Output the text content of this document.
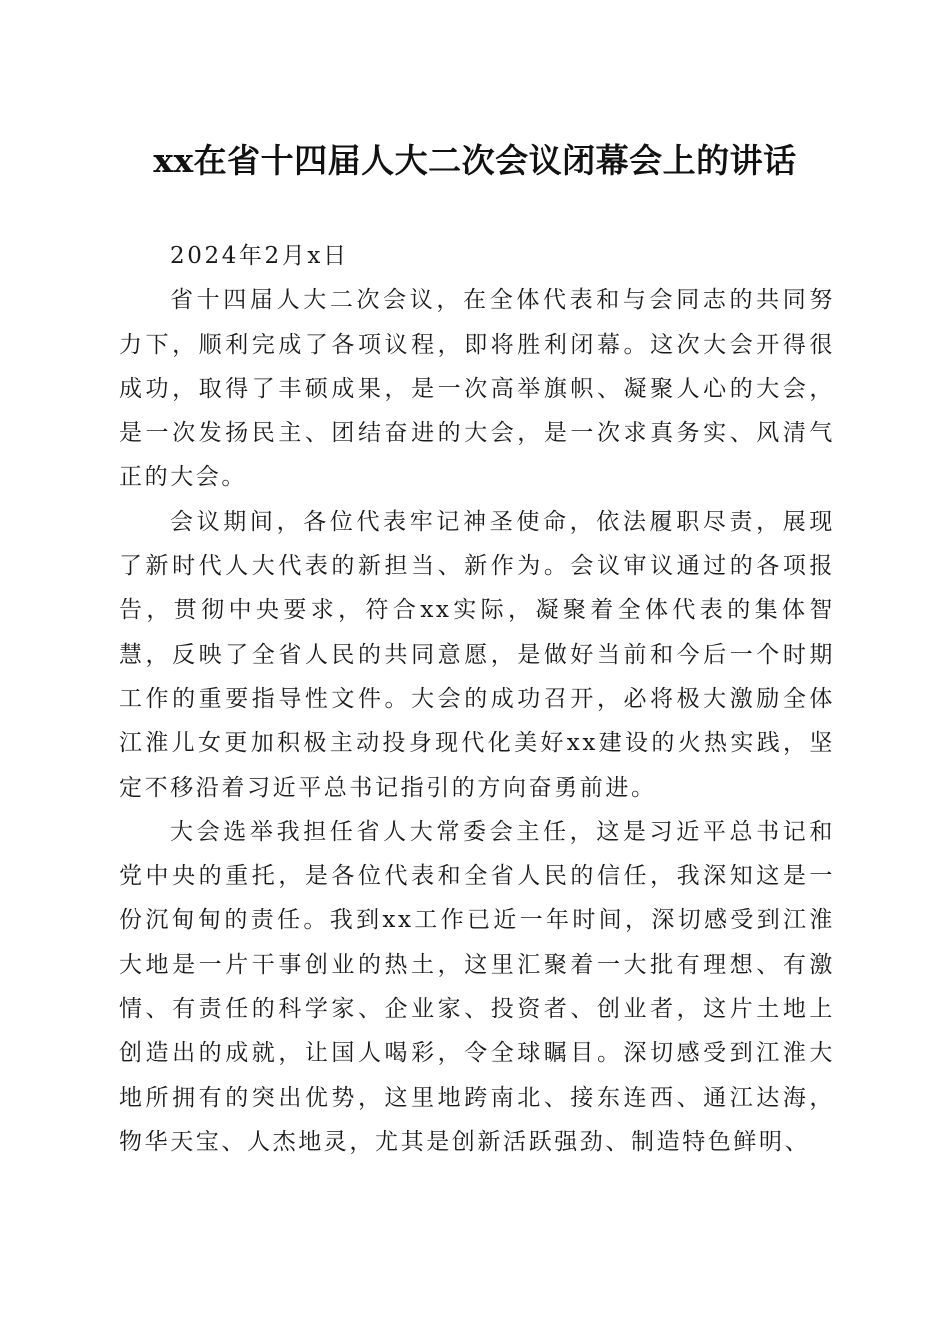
xx在省十四届人大二次会议闭幕会上的讲话

2024年2月x日

省十四届人大二次会议，在全体代表和与会同志的共同努力下，顺利完成了各项议程，即将胜利闭幕。这次大会开得很成功，取得了丰硕成果，是一次高举旗帜、凝聚人心的大会，是一次发扬民主、团结奋进的大会，是一次求真务实、风清气正的大会。

会议期间，各位代表牢记神圣使命，依法履职尽责，展现了新时代人大代表的新担当、新作为。会议审议通过的各项报告，贯彻中央要求，符合xx实际，凝聚着全体代表的集体智慧，反映了全省人民的共同意愿，是做好当前和今后一个时期工作的重要指导性文件。大会的成功召开，必将极大激励全体江淮儿女更加积极主动投身现代化美好xx建设的火热实践，坚定不移沿着习近平总书记指引的方向奋勇前进。

大会选举我担任省人大常委会主任，这是习近平总书记和党中央的重托，是各位代表和全省人民的信任，我深知这是一份沉甸甸的责任。我到xx工作已近一年时间，深切感受到江淮大地是一片干事创业的热土，这里汇聚着一大批有理想、有激情、有责任的科学家、企业家、投资者、创业者，这片土地上创造出的成就，让国人喝彩，令全球瞩目。深切感受到江淮大地所拥有的突出优势，这里地跨南北、接东连西、通江达海，物华天宝、人杰地灵，尤其是创新活跃强劲、制造特色鲜明、
